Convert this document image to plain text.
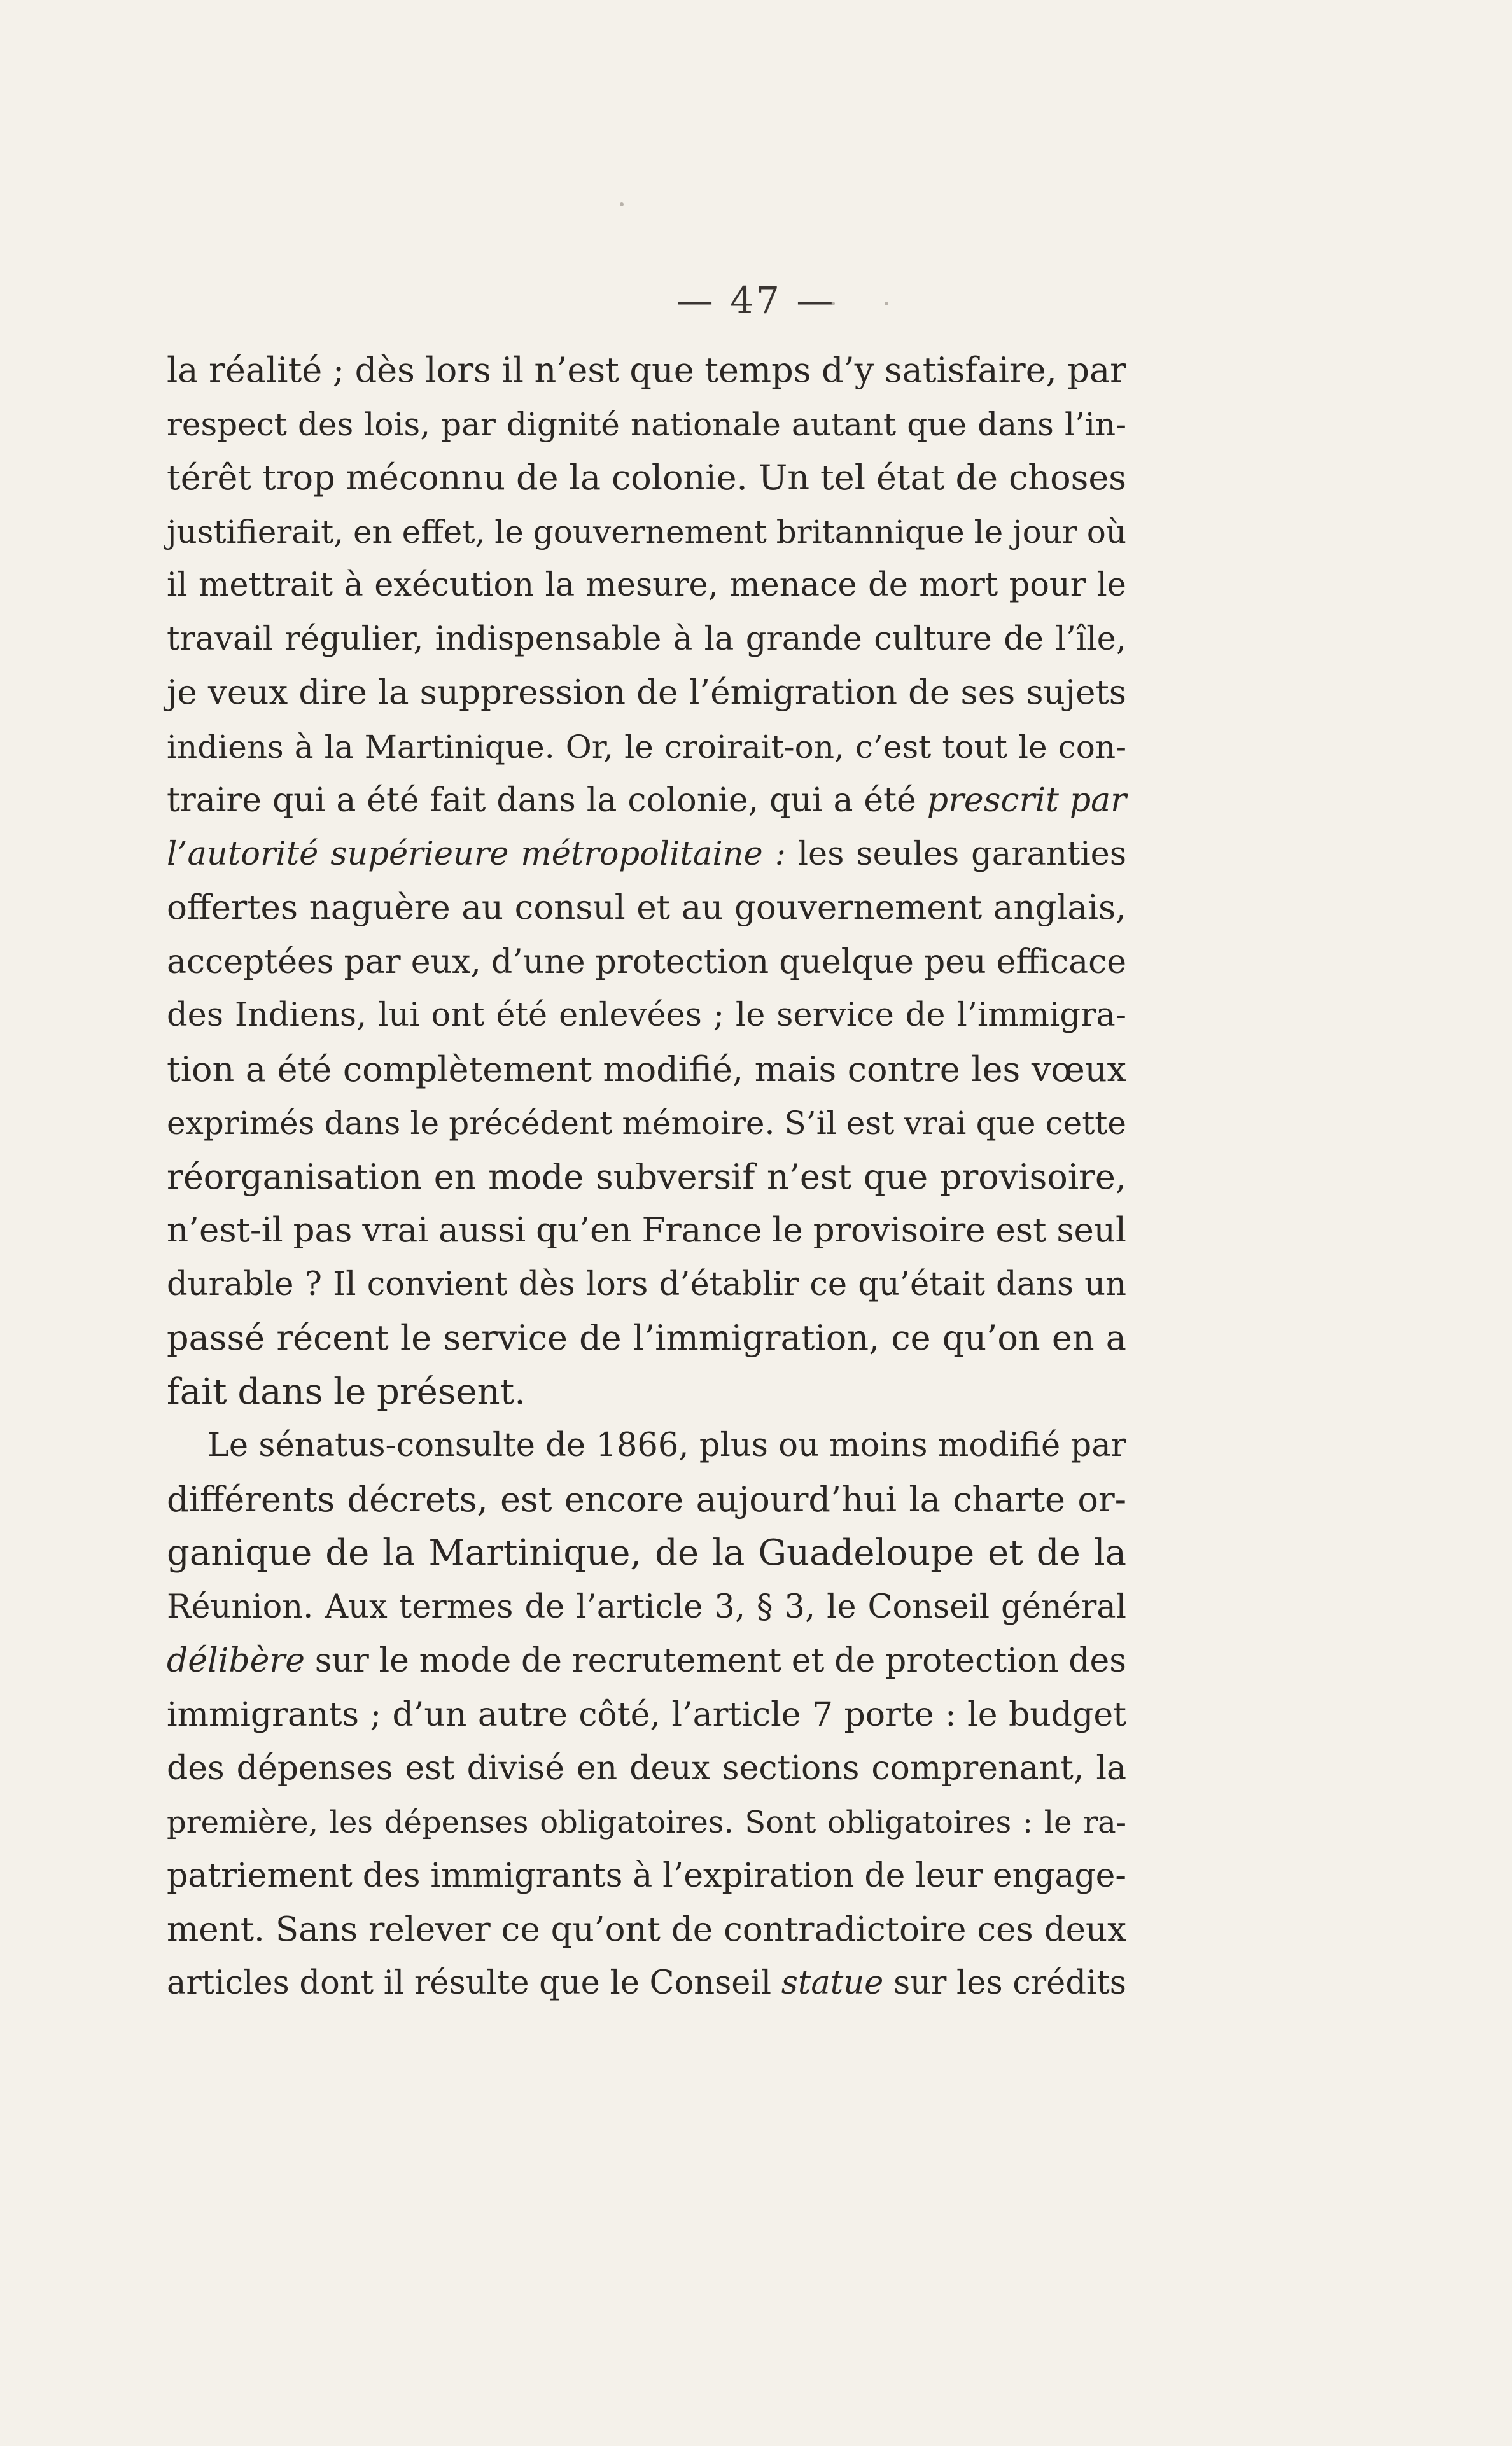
— 47 —
la réalité ; dès lors il n’est que temps d’y satisfaire, par
respect des lois, par dignité nationale autant que dans l’in-
térêt trop méconnu de la colonie. Un tel état de choses
justifierait, en effet, le gouvernement britannique le jour où
il mettrait à exécution la mesure, menace de mort pour le
travail régulier, indispensable à la grande culture de l’île,
je veux dire la suppression de l’émigration de ses sujets
indiens à la Martinique. Or, le croirait-on, c’est tout le con-
traire qui a été fait dans la colonie, qui a été prescrit par
l’autorité supérieure métropolitaine : les seules garanties
offertes naguère au consul et au gouvernement anglais,
acceptées par eux, d’une protection quelque peu efficace
des Indiens, lui ont été enlevées ; le service de l’immigra-
tion a été complètement modifié, mais contre les vœux
exprimés dans le précédent mémoire. S’il est vrai que cette
réorganisation en mode subversif n’est que provisoire,
n’est-il pas vrai aussi qu’en France le provisoire est seul
durable ? Il convient dès lors d’établir ce qu’était dans un
passé récent le service de l’immigration, ce qu’on en a
fait dans le présent.
Le sénatus-consulte de 1866, plus ou moins modifié par
différents décrets, est encore aujourd’hui la charte or-
ganique de la Martinique, de la Guadeloupe et de la
Réunion. Aux termes de l’article 3, § 3, le Conseil général
délibère sur le mode de recrutement et de protection des
immigrants ; d’un autre côté, l’article 7 porte : le budget
des dépenses est divisé en deux sections comprenant, la
première, les dépenses obligatoires. Sont obligatoires : le ra-
patriement des immigrants à l’expiration de leur engage-
ment. Sans relever ce qu’ont de contradictoire ces deux
articles dont il résulte que le Conseil statue sur les crédits
